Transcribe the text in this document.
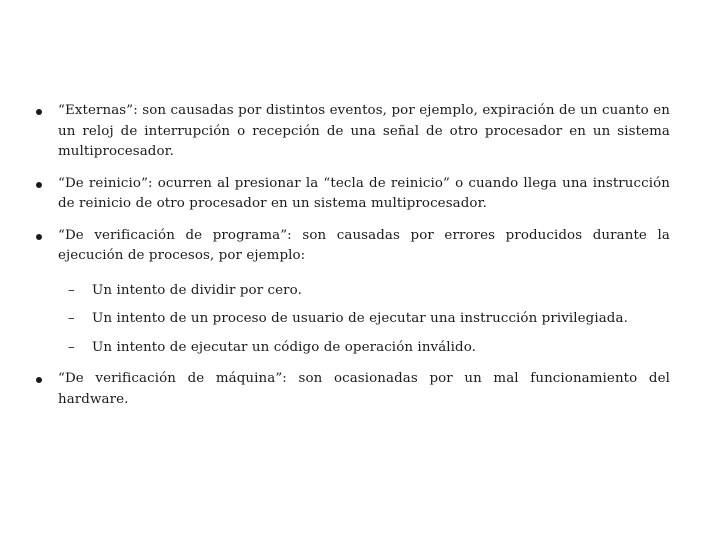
“Externas”: son causadas por distintos eventos, por ejemplo, expiración de un cuanto en un reloj de interrupción o recepción de una señal de otro procesador en un sistema multiprocesador.
“De reinicio”: ocurren al presionar la “tecla de reinicio” o cuando llega una instrucción de reinicio de otro procesador en un sistema multiprocesador.
“De verificación de programa”: son causadas por errores producidos durante la ejecución de procesos, por ejemplo:
– Un intento de dividir por cero.
– Un intento de un proceso de usuario de ejecutar una instrucción privilegiada.
– Un intento de ejecutar un código de operación inválido.
“De verificación de máquina”: son ocasionadas por un mal funcionamiento del hardware.
